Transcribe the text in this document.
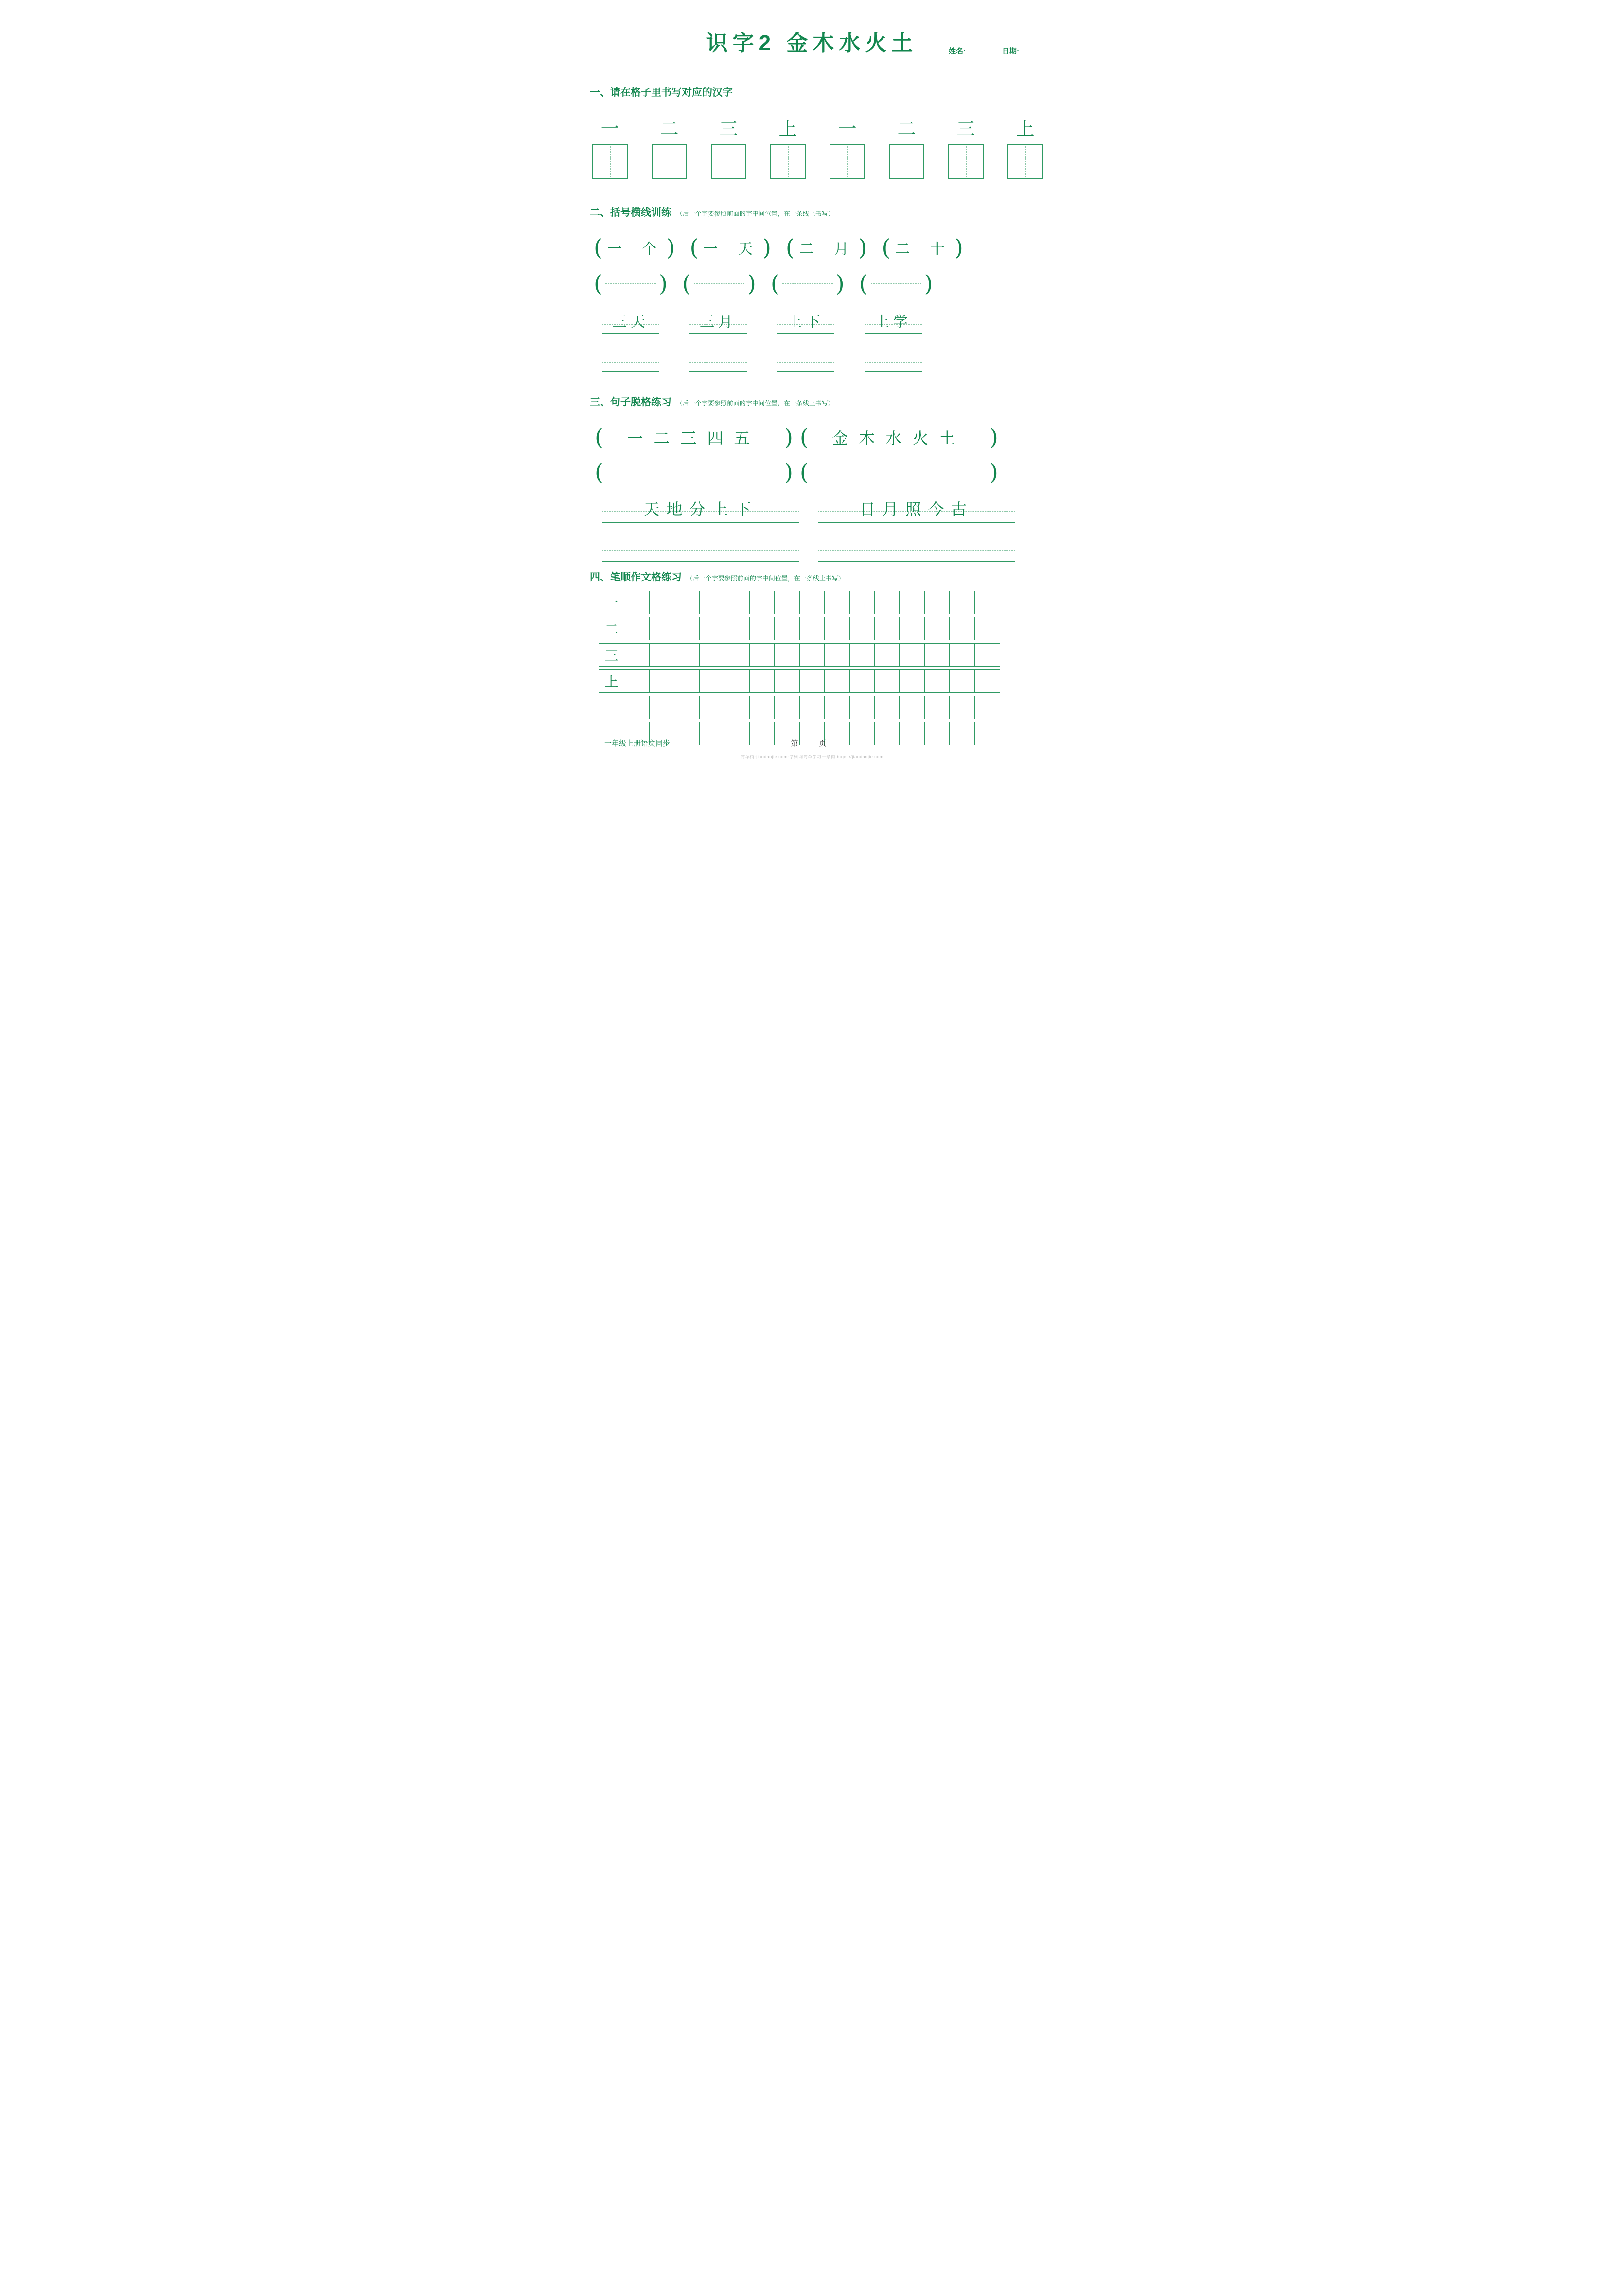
识字2 金木水火土	姓名:	日期:
一、请在格子里书写对应的汉字
一 二 三 上 一 二 三 上
二、括号横线训练 （后一个字要参照前面的字中间位置，在一条线上书写）
( 一 个 ) ( 一 天 ) ( 二 月 ) ( 二 十 )
(	) (	) (	) (	)
三天	三月	上下	上学
三、句子脱格练习 （后一个字要参照前面的字中间位置，在一条线上书写）
( 一二三四五 ) ( 金木水火土 )
(	) (	)
天地分上下	日月照今古
四、笔顺作文格练习 （后一个字要参照前面的字中间位置，在一条线上书写）
一
二
三
上
一年级上册语文同步	第　页
简单街-jiandanjie.com-学科网简单学习一条街 https://jiandanjie.com
